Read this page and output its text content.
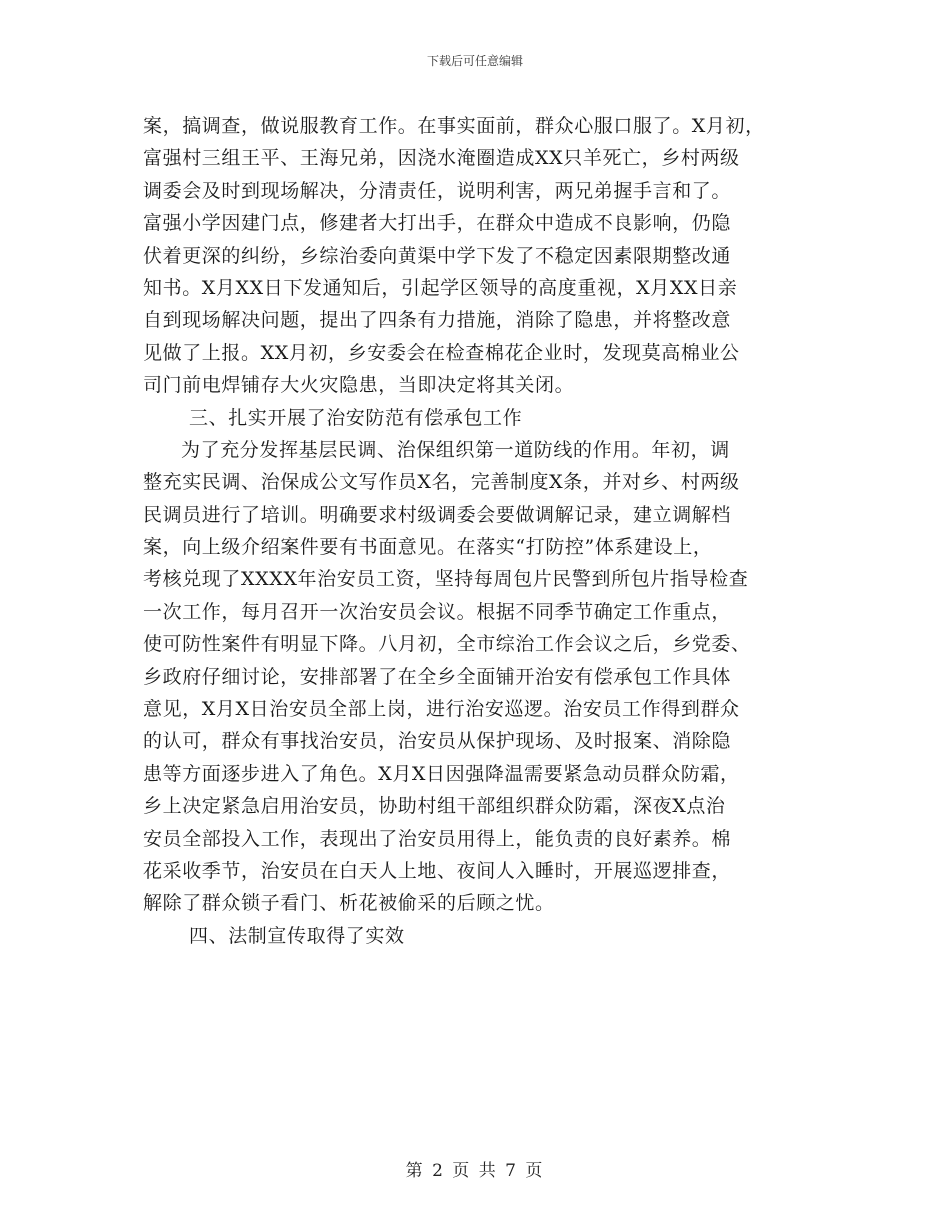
下载后可任意编辑
案，搞调查，做说服教育工作。在事实面前，群众心服口服了。X月初，
富强村三组王平、王海兄弟，因浇水淹圈造成XX只羊死亡，乡村两级
调委会及时到现场解决，分清责任，说明利害，两兄弟握手言和了。
富强小学因建门点，修建者大打出手，在群众中造成不良影响，仍隐
伏着更深的纠纷，乡综治委向黄渠中学下发了不稳定因素限期整改通
知书。X月XX日下发通知后，引起学区领导的高度重视，X月XX日亲
自到现场解决问题，提出了四条有力措施，消除了隐患，并将整改意
见做了上报。XX月初，乡安委会在检查棉花企业时，发现莫高棉业公
司门前电焊铺存大火灾隐患，当即决定将其关闭。
三、扎实开展了治安防范有偿承包工作
为了充分发挥基层民调、治保组织第一道防线的作用。年初，调
整充实民调、治保成公文写作员X名，完善制度X条，并对乡、村两级
民调员进行了培训。明确要求村级调委会要做调解记录，建立调解档
案，向上级介绍案件要有书面意见。在落实“打防控”体系建设上，
考核兑现了XXXX年治安员工资，坚持每周包片民警到所包片指导检查
一次工作，每月召开一次治安员会议。根据不同季节确定工作重点，
使可防性案件有明显下降。八月初，全市综治工作会议之后，乡党委、
乡政府仔细讨论，安排部署了在全乡全面铺开治安有偿承包工作具体
意见，X月X日治安员全部上岗，进行治安巡逻。治安员工作得到群众
的认可，群众有事找治安员，治安员从保护现场、及时报案、消除隐
患等方面逐步进入了角色。X月X日因强降温需要紧急动员群众防霜，
乡上决定紧急启用治安员，协助村组干部组织群众防霜，深夜X点治
安员全部投入工作，表现出了治安员用得上，能负责的良好素养。棉
花采收季节，治安员在白天人上地、夜间人入睡时，开展巡逻排查，
解除了群众锁子看门、析花被偷采的后顾之忧。
四、法制宣传取得了实效
第 2 页 共 7 页
